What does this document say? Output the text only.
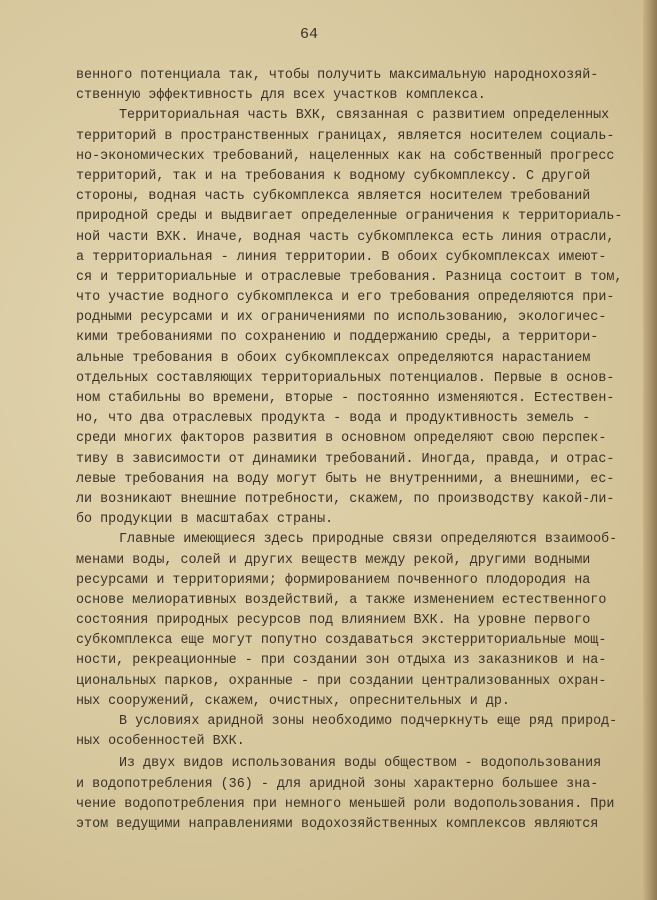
64
венного потенциала так, чтобы получить максимальную народнохозяй-
ственную эффективность для всех участков комплекса.
Территориальная часть ВХК, связанная с развитием определенных
территорий в пространственных границах, является носителем социаль-
но-экономических требований, нацеленных как на собственный прогресс
территорий, так и на требования к водному субкомплексу. С другой
стороны, водная часть субкомплекса является носителем требований
природной среды и выдвигает определенные ограничения к территориаль-
ной части ВХК. Иначе, водная часть субкомплекса есть линия отрасли,
а территориальная - линия территории. В обоих субкомплексах имеют-
ся и территориальные и отраслевые требования. Разница состоит в том,
что участие водного субкомплекса и его требования определяются при-
родными ресурсами и их ограничениями по использованию, экологичес-
кими требованиями по сохранению и поддержанию среды, а территори-
альные требования в обоих субкомплексах определяются нарастанием
отдельных составляющих территориальных потенциалов. Первые в основ-
ном стабильны во времени, вторые - постоянно изменяются. Естествен-
но, что два отраслевых продукта - вода и продуктивность земель -
среди многих факторов развития в основном определяют свою перспек-
тиву в зависимости от динамики требований. Иногда, правда, и отрас-
левые требования на воду могут быть не внутренними, а внешними, ес-
ли возникают внешние потребности, скажем, по производству какой-ли-
бо продукции в масштабах страны.
Главные имеющиеся здесь природные связи определяются взаимооб-
менами воды, солей и других веществ между рекой, другими водными
ресурсами и территориями; формированием почвенного плодородия на
основе мелиоративных воздействий, а также изменением естественного
состояния природных ресурсов под влиянием ВХК. На уровне первого
субкомплекса еще могут попутно создаваться экстерриториальные мощ-
ности, рекреационные - при создании зон отдыха из заказников и на-
циональных парков, охранные - при создании централизованных охран-
ных сооружений, скажем, очистных, опреснительных и др.
В условиях аридной зоны необходимо подчеркнуть еще ряд природ-
ных особенностей ВХК.
Из двух видов использования воды обществом - водопользования
и водопотребления (36) - для аридной зоны характерно большее зна-
чение водопотребления при немного меньшей роли водопользования. При
этом ведущими направлениями водохозяйственных комплексов являются
